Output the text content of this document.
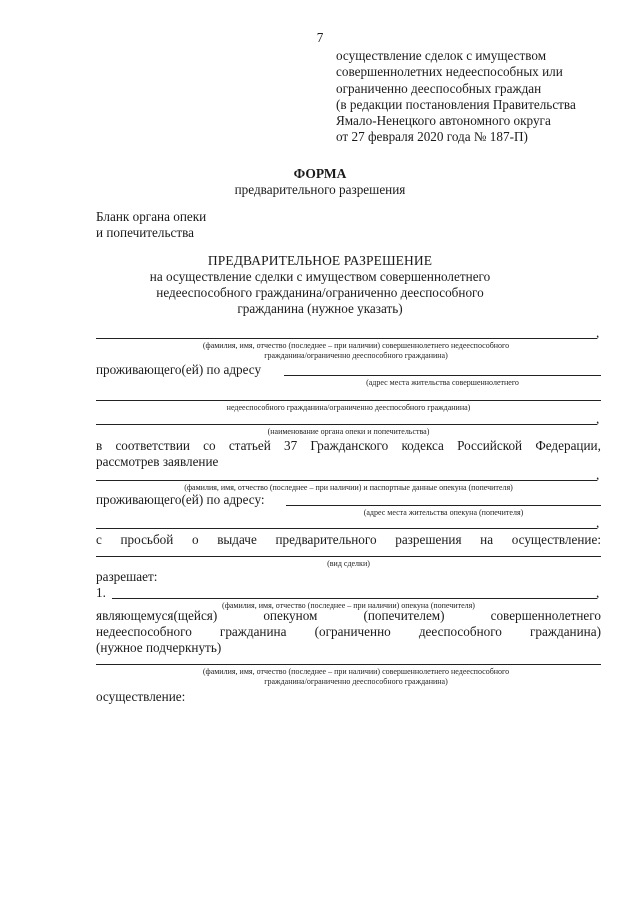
7
осуществление сделок с имуществом
совершеннолетних недееспособных или
ограниченно дееспособных граждан
(в редакции постановления Правительства
Ямало-Ненецкого автономного округа
от 27 февраля 2020 года № 187-П)
ФОРМА
предварительного разрешения
Бланк органа опеки
и попечительства
ПРЕДВАРИТЕЛЬНОЕ РАЗРЕШЕНИЕ
на осуществление сделки с имуществом совершеннолетнего
недееспособного гражданина/ограниченно дееспособного
гражданина (нужное указать)
,
(фамилия, имя, отчество (последнее – при наличии) совершеннолетнего недееспособного
гражданина/ограниченно дееспособного гражданина)
проживающего(ей) по адресу
(адрес места жительства совершеннолетнего
недееспособного гражданина/ограниченно дееспособного гражданина)
,
(наименование органа опеки и попечительства)
в соответствии со статьей 37 Гражданского кодекса Российской Федерации,
рассмотрев заявление
,
(фамилия, имя, отчество (последнее – при наличии) и паспортные данные опекуна (попечителя)
проживающего(ей) по адресу:
(адрес места жительства опекуна (попечителя)
,
с просьбой о выдаче предварительного разрешения на осуществление:
(вид сделки)
разрешает:
1.	,
(фамилия, имя, отчество (последнее – при наличии) опекуна (попечителя)
являющемуся(щейся)	опекуном	(попечителем)	совершеннолетнего
недееспособного гражданина (ограниченно дееспособного гражданина)
(нужное подчеркнуть)
(фамилия, имя, отчество (последнее – при наличии) совершеннолетнего недееспособного
гражданина/ограниченно дееспособного гражданина)
осуществление:
